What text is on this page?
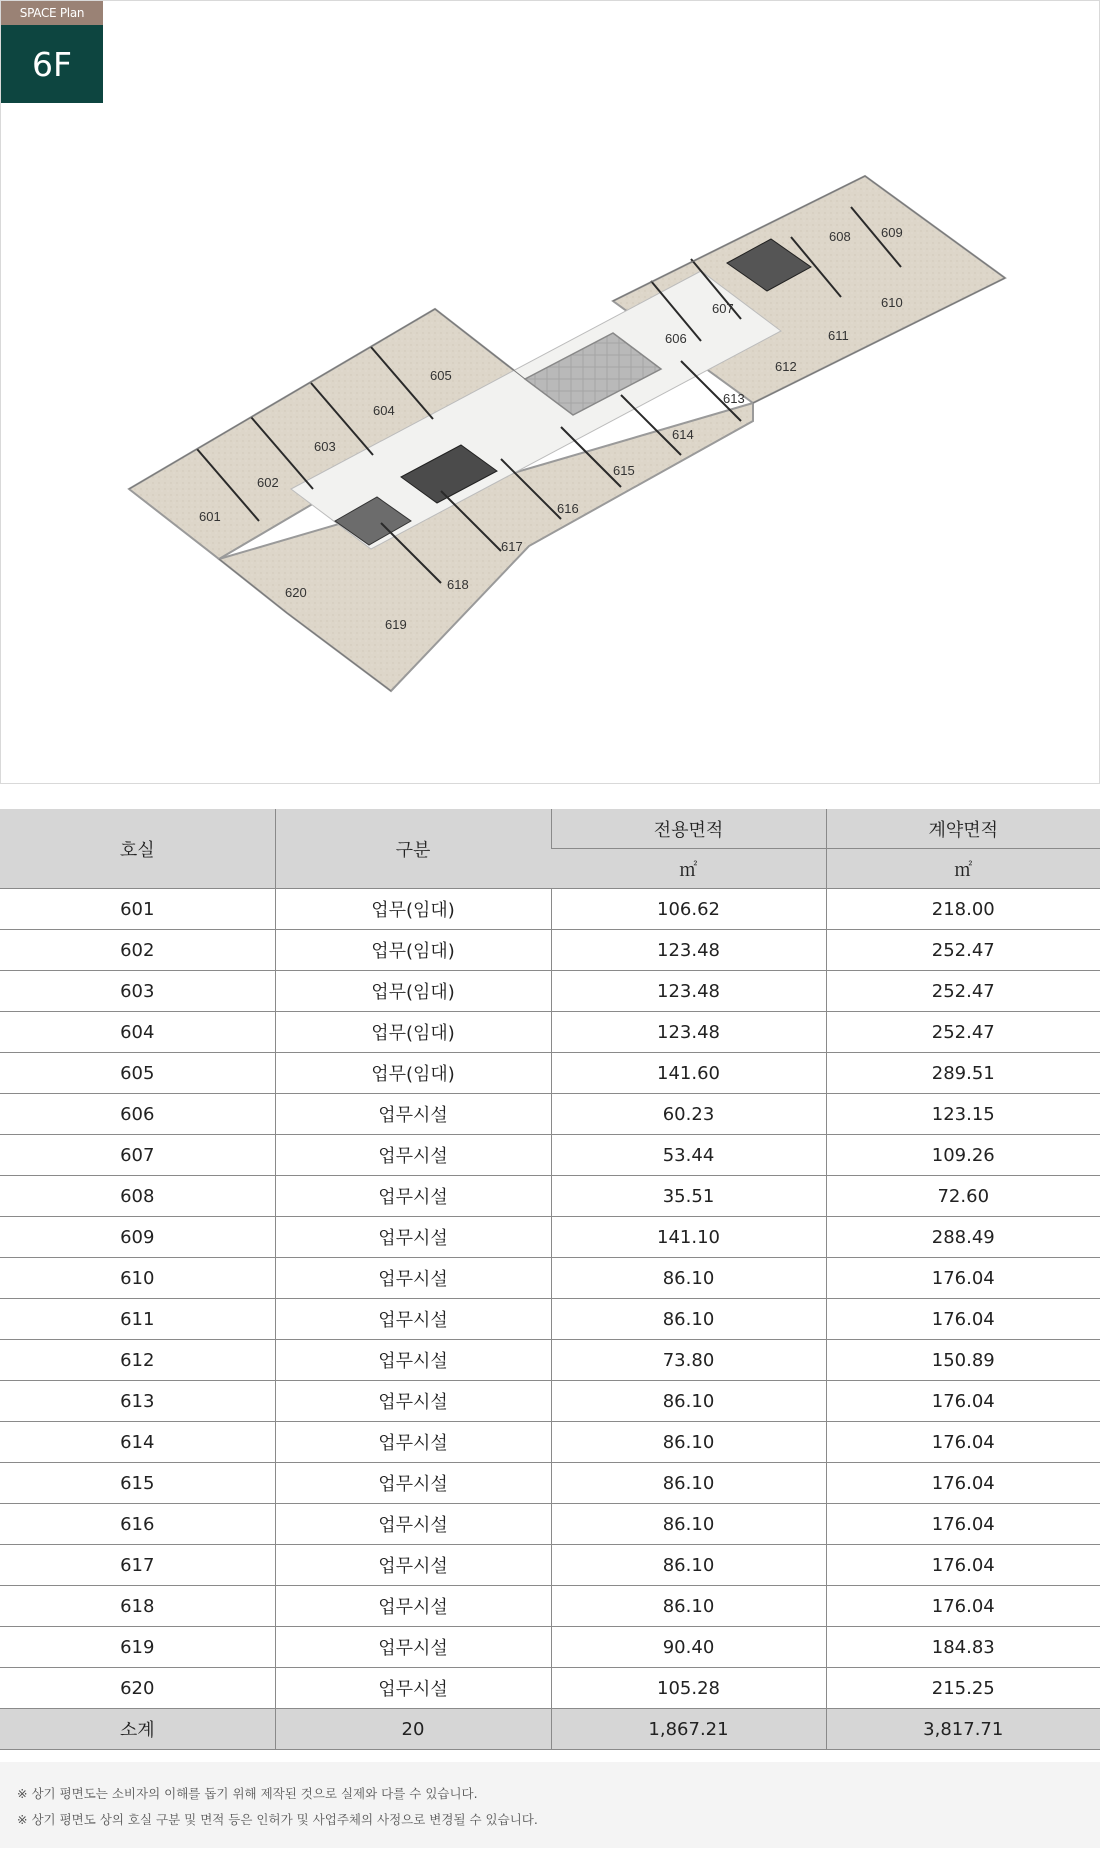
SPACE Plan
6F
601
602
603
604
605
606
607
608 609
610
611
612
613
614
615
616
617
618
619
620
호실	구분	전용면적	계약면적
		㎡	㎡
601	업무(임대)	106.62	218.00
602	업무(임대)	123.48	252.47
603	업무(임대)	123.48	252.47
604	업무(임대)	123.48	252.47
605	업무(임대)	141.60	289.51
606	업무시설	60.23	123.15
607	업무시설	53.44	109.26
608	업무시설	35.51	72.60
609	업무시설	141.10	288.49
610	업무시설	86.10	176.04
611	업무시설	86.10	176.04
612	업무시설	73.80	150.89
613	업무시설	86.10	176.04
614	업무시설	86.10	176.04
615	업무시설	86.10	176.04
616	업무시설	86.10	176.04
617	업무시설	86.10	176.04
618	업무시설	86.10	176.04
619	업무시설	90.40	184.83
620	업무시설	105.28	215.25
소계	20	1,867.21	3,817.71

※ 상기 평면도는 소비자의 이해를 돕기 위해 제작된 것으로 실제와 다를 수 있습니다.

※ 상기 평면도 상의 호실 구분 및 면적 등은 인허가 및 사업주체의 사정으로 변경될 수 있습니다.
